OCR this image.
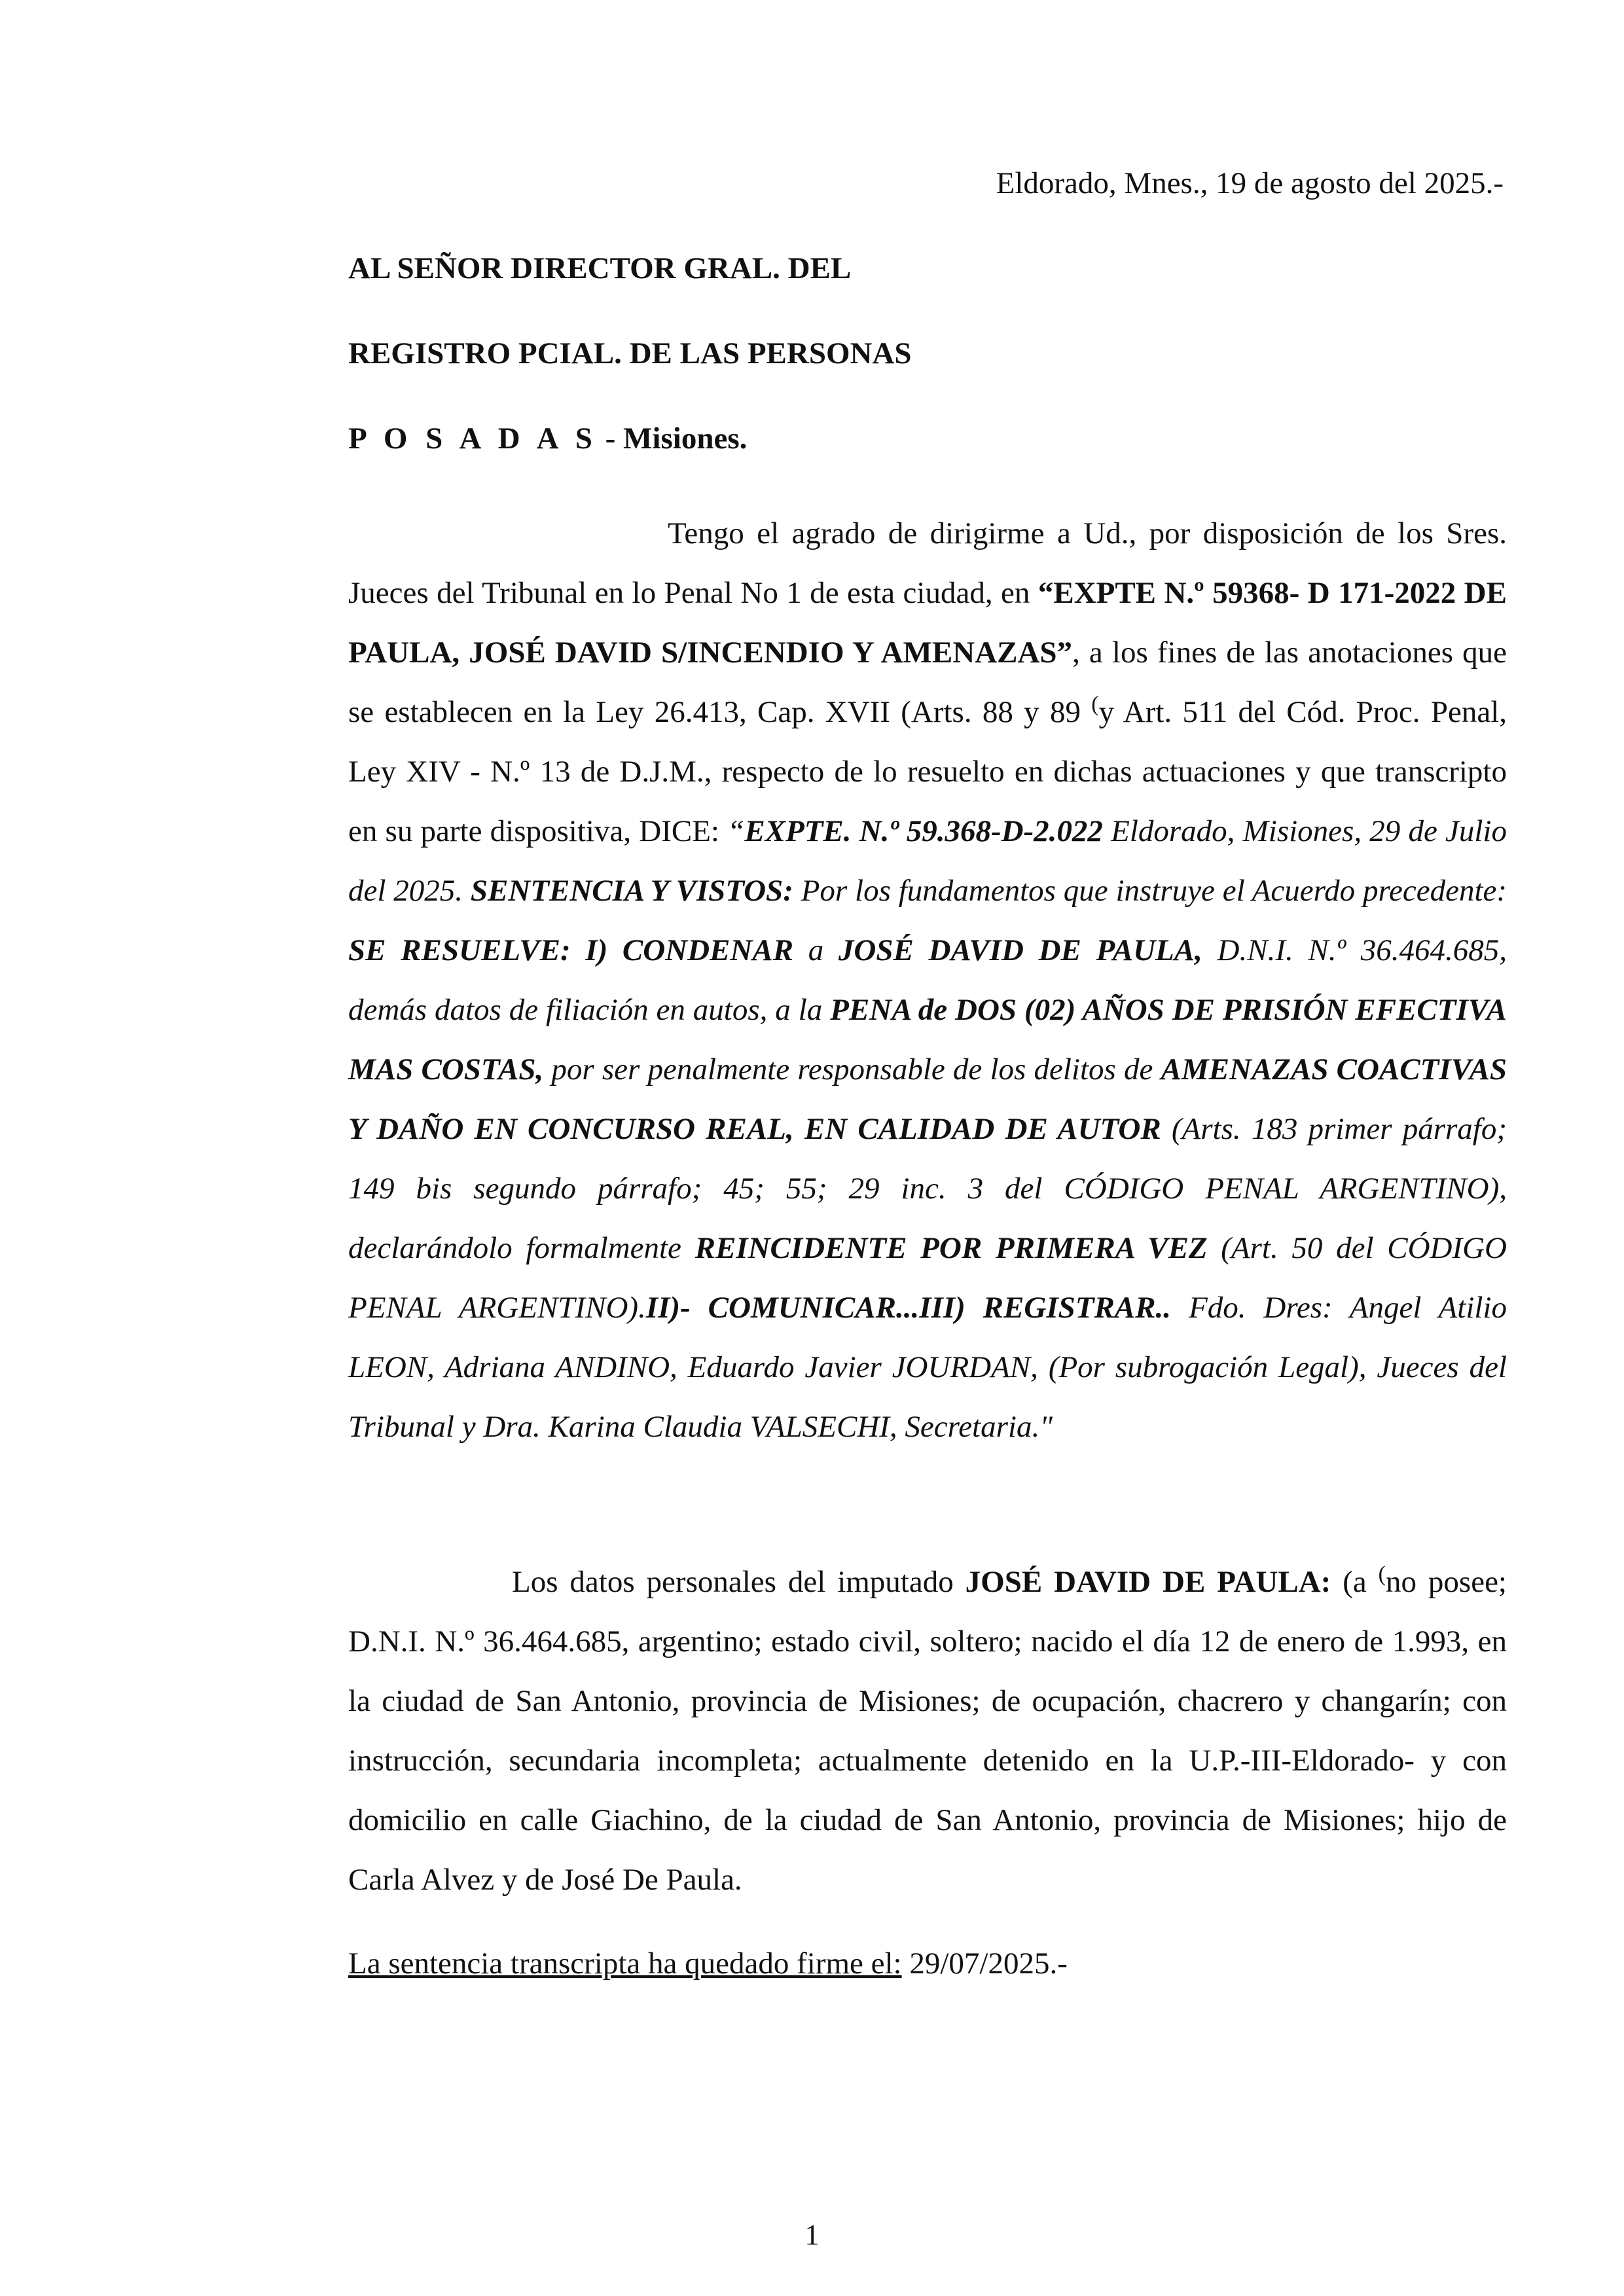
Eldorado, Mnes., 19 de agosto del 2025.-
AL SEÑOR DIRECTOR GRAL. DEL
REGISTRO PCIAL. DE LAS PERSONAS
P O S A D A S - Misiones.
Tengo el agrado de dirigirme a Ud., por disposición de los Sres. Jueces del Tribunal en lo Penal No 1 de esta ciudad, en “EXPTE N.º 59368- D 171-2022 DE PAULA, JOSÉ DAVID S/INCENDIO Y AMENAZAS”, a los fines de las anotaciones que se establecen en la Ley 26.413, Cap. XVII (Arts. 88 y 89 (y Art. 511 del Cód. Proc. Penal, Ley XIV - N.º 13 de D.J.M., respecto de lo resuelto en dichas actuaciones y que transcripto en su parte dispositiva, DICE: “EXPTE. N.º 59.368-D-2.022 Eldorado, Misiones, 29 de Julio del 2025. SENTENCIA Y VISTOS: Por los fundamentos que instruye el Acuerdo precedente: SE RESUELVE: I) CONDENAR a JOSÉ DAVID DE PAULA, D.N.I. N.º 36.464.685, demás datos de filiación en autos, a la PENA de DOS (02) AÑOS DE PRISIÓN EFECTIVA MAS COSTAS, por ser penalmente responsable de los delitos de AMENAZAS COACTIVAS Y DAÑO EN CONCURSO REAL, EN CALIDAD DE AUTOR (Arts. 183 primer párrafo; 149 bis segundo párrafo; 45; 55; 29 inc. 3 del CÓDIGO PENAL ARGENTINO), declarándolo formalmente REINCIDENTE POR PRIMERA VEZ (Art. 50 del CÓDIGO PENAL ARGENTINO).II)- COMUNICAR...III) REGISTRAR.. Fdo. Dres: Angel Atilio LEON, Adriana ANDINO, Eduardo Javier JOURDAN, (Por subrogación Legal), Jueces del Tribunal y Dra. Karina Claudia VALSECHI, Secretaria."
Los datos personales del imputado JOSÉ DAVID DE PAULA: (a (no posee; D.N.I. N.º 36.464.685, argentino; estado civil, soltero; nacido el día 12 de enero de 1.993, en la ciudad de San Antonio, provincia de Misiones; de ocupación, chacrero y changarín; con instrucción, secundaria incompleta; actualmente detenido en la U.P.-III-Eldorado- y con domicilio en calle Giachino, de la ciudad de San Antonio, provincia de Misiones; hijo de Carla Alvez y de José De Paula.
La sentencia transcripta ha quedado firme el: 29/07/2025.-
1
